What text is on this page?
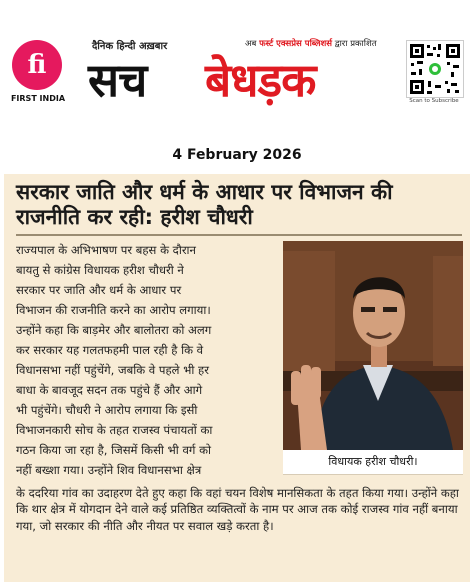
fi
FIRST INDIA
दैनिक हिन्दी अख़बार	अब फर्स्ट एक्सप्रेस पब्लिशर्स द्वारा प्रकाशित
सच बेधड़क	Scan to Subscribe
4 February 2026
सरकार जाति और धर्म के आधार पर विभाजन की राजनीति कर रही: हरीश चौधरी
राज्यपाल के अभिभाषण पर बहस के दौरान
बायतु से कांग्रेस विधायक हरीश चौधरी ने
सरकार पर जाति और धर्म के आधार पर
विभाजन की राजनीति करने का आरोप लगाया।
उन्होंने कहा कि बाड़मेर और बालोतरा को अलग
कर सरकार यह गलतफहमी पाल रही है कि वे
विधानसभा नहीं पहुंचेंगे, जबकि वे पहले भी हर
बाधा के बावजूद सदन तक पहुंचे हैं और आगे
भी पहुंचेंगे। चौधरी ने आरोप लगाया कि इसी
विभाजनकारी सोच के तहत राजस्व पंचायतों का
गठन किया जा रहा है, जिसमें किसी भी वर्ग को
नहीं बख्शा गया। उन्होंने शिव विधानसभा क्षेत्र
के ददरिया गांव का उदाहरण देते हुए कहा कि वहां चयन विशेष मानसिकता के तहत किया गया। उन्होंने कहा कि थार क्षेत्र में योगदान देने वाले कई प्रतिष्ठित व्यक्तित्वों के नाम पर आज तक कोई राजस्व गांव नहीं बनाया गया, जो सरकार की नीति और नीयत पर सवाल खड़े करता है।
विधायक हरीश चौधरी।
